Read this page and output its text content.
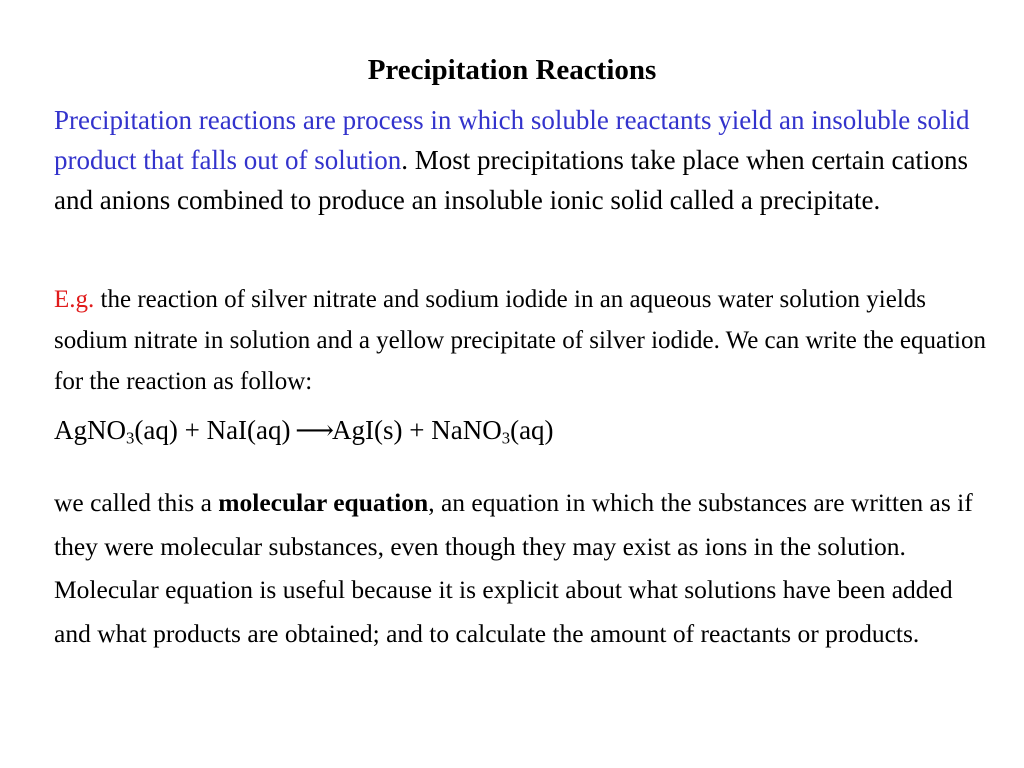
Precipitation Reactions

Precipitation reactions are process in which soluble reactants yield an insoluble solid product that falls out of solution. Most precipitations take place when certain cations and anions combined to produce an insoluble ionic solid called a precipitate.

E.g. the reaction of silver nitrate and sodium iodide in an aqueous water solution yields sodium nitrate in solution and a yellow precipitate of silver iodide. We can write the equation for the reaction as follow:

AgNO$_3$(aq) + NaI(aq) ⟶AgI(s) + NaNO$_3$(aq)

we called this a molecular equation, an equation in which the substances are written as if they were molecular substances, even though they may exist as ions in the solution. Molecular equation is useful because it is explicit about what solutions have been added and what products are obtained; and to calculate the amount of reactants or products.
